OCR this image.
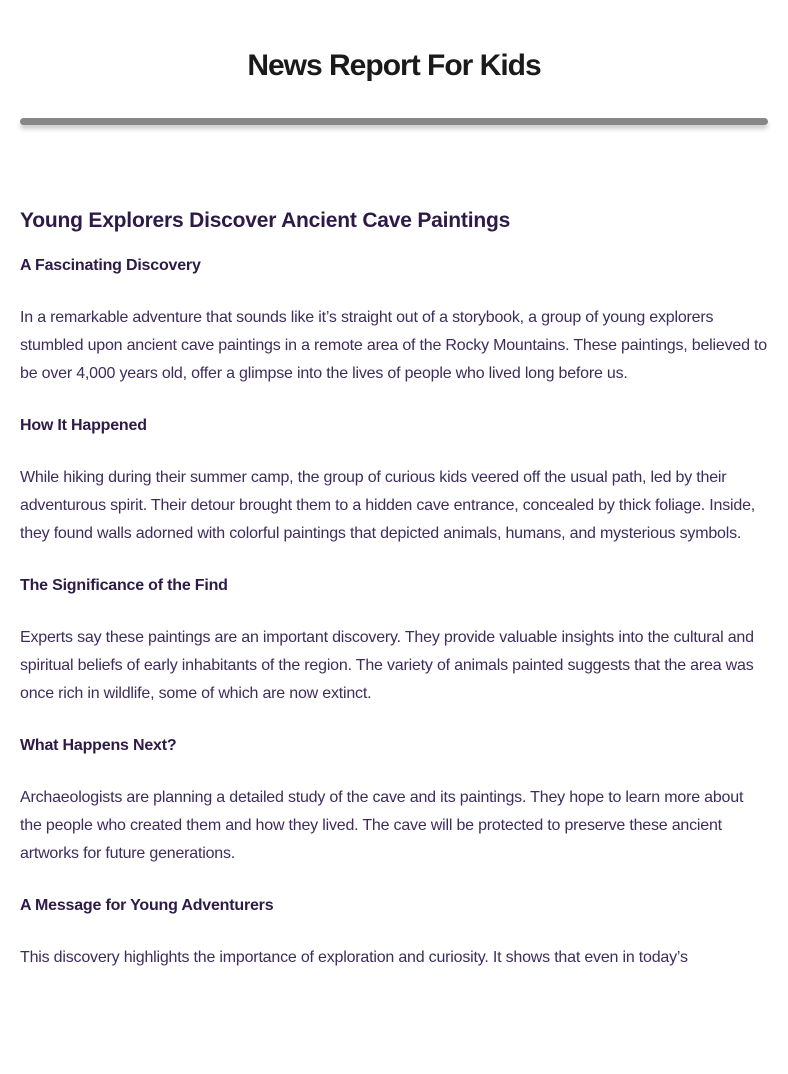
News Report For Kids
Young Explorers Discover Ancient Cave Paintings

A Fascinating Discovery

In a remarkable adventure that sounds like it’s straight out of a storybook, a group of young explorers stumbled upon ancient cave paintings in a remote area of the Rocky Mountains. These paintings, believed to be over 4,000 years old, offer a glimpse into the lives of people who lived long before us.

How It Happened

While hiking during their summer camp, the group of curious kids veered off the usual path, led by their adventurous spirit. Their detour brought them to a hidden cave entrance, concealed by thick foliage. Inside, they found walls adorned with colorful paintings that depicted animals, humans, and mysterious symbols.

The Significance of the Find

Experts say these paintings are an important discovery. They provide valuable insights into the cultural and spiritual beliefs of early inhabitants of the region. The variety of animals painted suggests that the area was once rich in wildlife, some of which are now extinct.

What Happens Next?

Archaeologists are planning a detailed study of the cave and its paintings. They hope to learn more about the people who created them and how they lived. The cave will be protected to preserve these ancient artworks for future generations.

A Message for Young Adventurers

This discovery highlights the importance of exploration and curiosity. It shows that even in today’s
